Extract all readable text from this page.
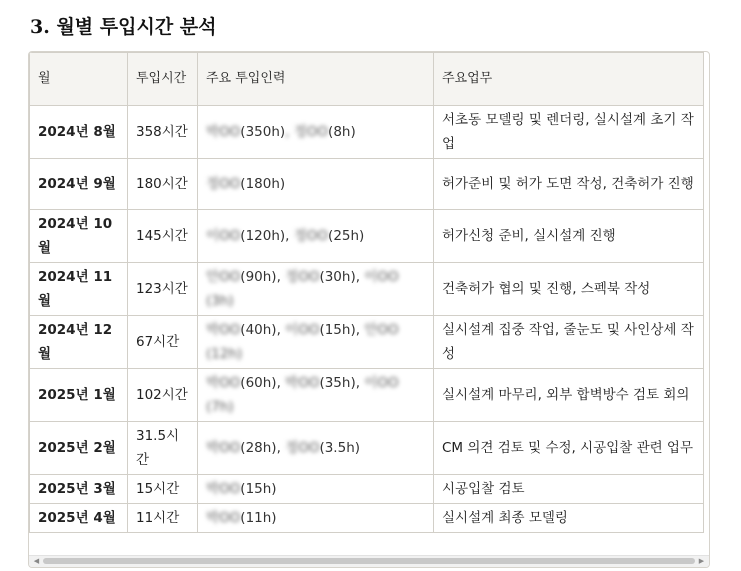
3. 월별 투입시간 분석
월	투입시간	주요 투입인력	주요업무
2024년 8월	358시간	박OO(350h), 정OO(8h)	서초동 모델링 및 렌더링, 실시설계 초기 작업
2024년 9월	180시간	정OO(180h)	허가준비 및 허가 도면 작성, 건축허가 진행
2024년 10월	145시간	이OO(120h), 정OO(25h)	허가신청 준비, 실시설계 진행
2024년 11월	123시간	안OO(90h), 정OO(30h), 이OO(3h)	건축허가 협의 및 진행, 스펙북 작성
2024년 12월	67시간	박OO(40h), 이OO(15h), 안OO(12h)	실시설계 집중 작업, 줄눈도 및 사인상세 작성
2025년 1월	102시간	박OO(60h), 박OO(35h), 이OO(7h)	실시설계 마무리, 외부 합벽방수 검토 회의
2025년 2월	31.5시간	박OO(28h), 정OO(3.5h)	CM 의견 검토 및 수정, 시공입찰 관련 업무
2025년 3월	15시간	박OO(15h)	시공입찰 검토
2025년 4월	11시간	박OO(11h)	실시설계 최종 모델링
◀	▶
